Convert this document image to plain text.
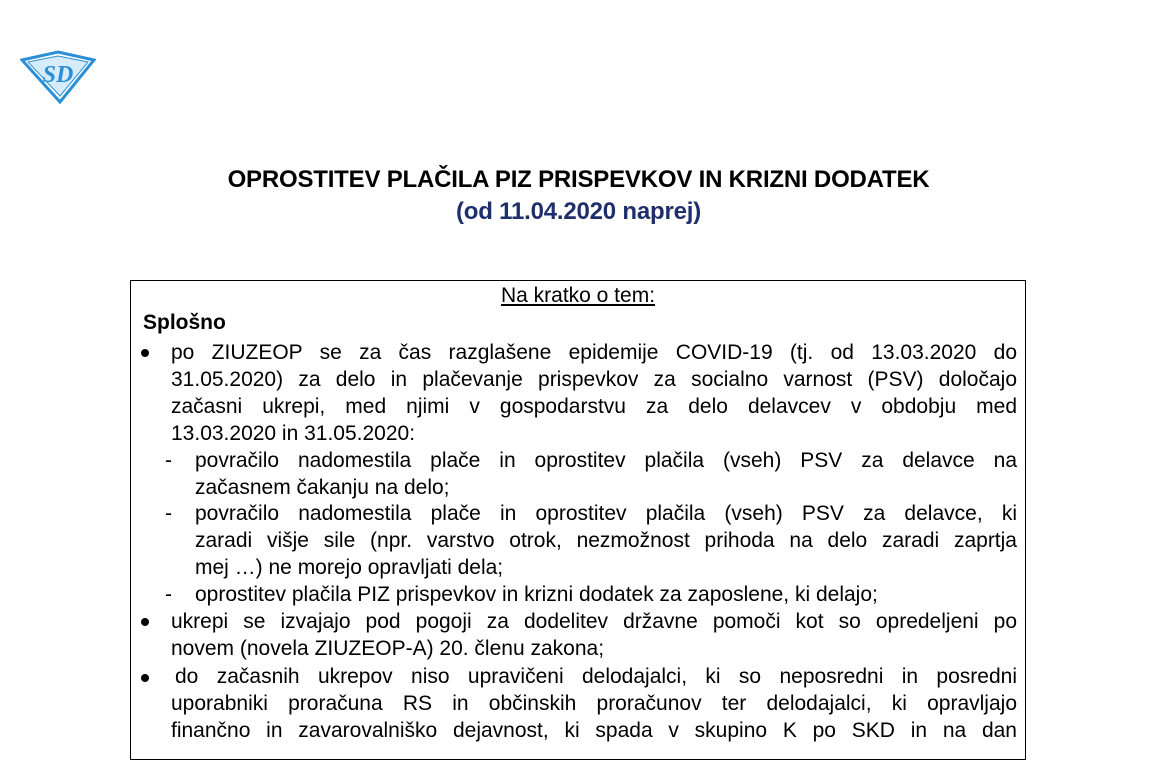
SD
OPROSTITEV PLAČILA PIZ PRISPEVKOV IN KRIZNI DODATEK
(od 11.04.2020 naprej)
Na kratko o tem:
Splošno
po ZIUZEOP se za čas razglašene epidemije COVID-19 (tj. od 13.03.2020 do
31.05.2020) za delo in plačevanje prispevkov za socialno varnost (PSV) določajo
začasni ukrepi, med njimi v gospodarstvu za delo delavcev v obdobju med
13.03.2020 in 31.05.2020:
- povračilo nadomestila plače in oprostitev plačila (vseh) PSV za delavce na
začasnem čakanju na delo;
- povračilo nadomestila plače in oprostitev plačila (vseh) PSV za delavce, ki
zaradi višje sile (npr. varstvo otrok, nezmožnost prihoda na delo zaradi zaprtja
mej …) ne morejo opravljati dela;
- oprostitev plačila PIZ prispevkov in krizni dodatek za zaposlene, ki delajo;
ukrepi se izvajajo pod pogoji za dodelitev državne pomoči kot so opredeljeni po
novem (novela ZIUZEOP-A) 20. členu zakona;
do začasnih ukrepov niso upravičeni delodajalci, ki so neposredni in posredni
uporabniki proračuna RS in občinskih proračunov ter delodajalci, ki opravljajo
finančno in zavarovalniško dejavnost, ki spada v skupino K po SKD in na dan
